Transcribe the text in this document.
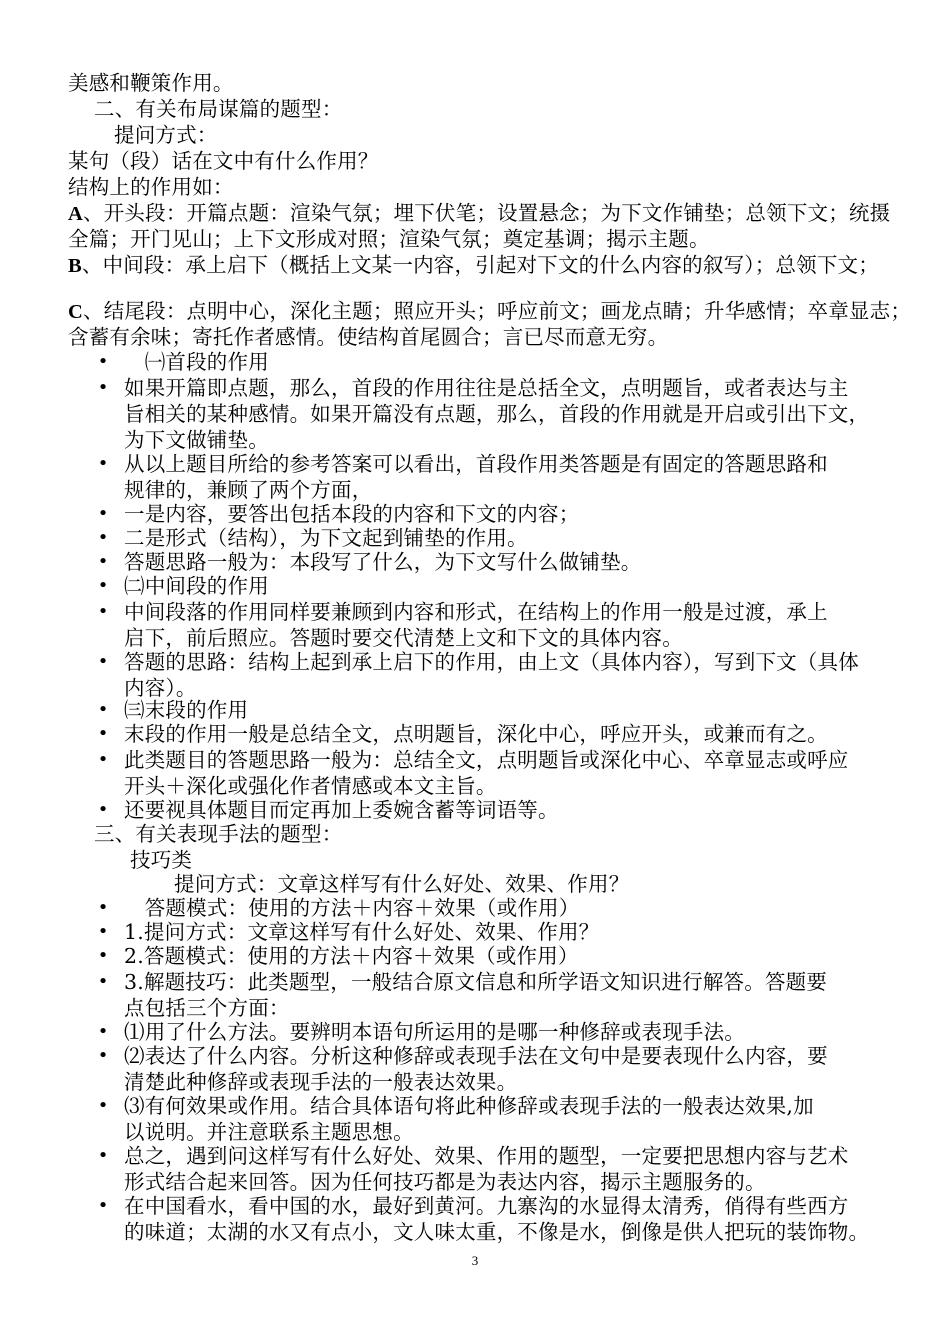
美感和鞭策作用。
二、有关布局谋篇的题型：
提问方式：
某句（段）话在文中有什么作用？
结构上的作用如：
A、开头段：开篇点题：渲染气氛；埋下伏笔；设置悬念；为下文作铺垫；总领下文；统摄
全篇；开门见山；上下文形成对照；渲染气氛；奠定基调；揭示主题。
B、中间段：承上启下（概括上文某一内容，引起对下文的什么内容的叙写）；总领下文；
C、结尾段：点明中心，深化主题；照应开头；呼应前文；画龙点睛；升华感情；卒章显志；
含蓄有余味；寄托作者感情。使结构首尾圆合；言已尽而意无穷。
• 　㈠首段的作用
• 如果开篇即点题，那么，首段的作用往往是总括全文，点明题旨，或者表达与主
旨相关的某种感情。如果开篇没有点题，那么，首段的作用就是开启或引出下文，
为下文做铺垫。
• 从以上题目所给的参考答案可以看出，首段作用类答题是有固定的答题思路和
规律的，兼顾了两个方面，
• 一是内容，要答出包括本段的内容和下文的内容；
• 二是形式（结构），为下文起到铺垫的作用。
• 答题思路一般为：本段写了什么，为下文写什么做铺垫。
• ㈡中间段的作用
• 中间段落的作用同样要兼顾到内容和形式，在结构上的作用一般是过渡，承上
启下，前后照应。答题时要交代清楚上文和下文的具体内容。
• 答题的思路：结构上起到承上启下的作用，由上文（具体内容），写到下文（具体
内容）。
• ㈢末段的作用
• 末段的作用一般是总结全文，点明题旨，深化中心，呼应开头，或兼而有之。
• 此类题目的答题思路一般为：总结全文，点明题旨或深化中心、卒章显志或呼应
开头＋深化或强化作者情感或本文主旨。
• 还要视具体题目而定再加上委婉含蓄等词语等。
三、有关表现手法的题型：
技巧类
提问方式：文章这样写有什么好处、效果、作用？
• 　答题模式：使用的方法＋内容＋效果（或作用）
• 1.提问方式：文章这样写有什么好处、效果、作用？
• 2.答题模式：使用的方法＋内容＋效果（或作用）
• 3.解题技巧：此类题型，一般结合原文信息和所学语文知识进行解答。答题要
点包括三个方面：
• ⑴用了什么方法。要辨明本语句所运用的是哪一种修辞或表现手法。
• ⑵表达了什么内容。分析这种修辞或表现手法在文句中是要表现什么内容，要
清楚此种修辞或表现手法的一般表达效果。
• ⑶有何效果或作用。结合具体语句将此种修辞或表现手法的一般表达效果,加
以说明。并注意联系主题思想。
• 总之，遇到问这样写有什么好处、效果、作用的题型，一定要把思想内容与艺术
形式结合起来回答。因为任何技巧都是为表达内容，揭示主题服务的。
• 在中国看水，看中国的水，最好到黄河。九寨沟的水显得太清秀，俏得有些西方
的味道；太湖的水又有点小，文人味太重，不像是水，倒像是供人把玩的装饰物。
3
